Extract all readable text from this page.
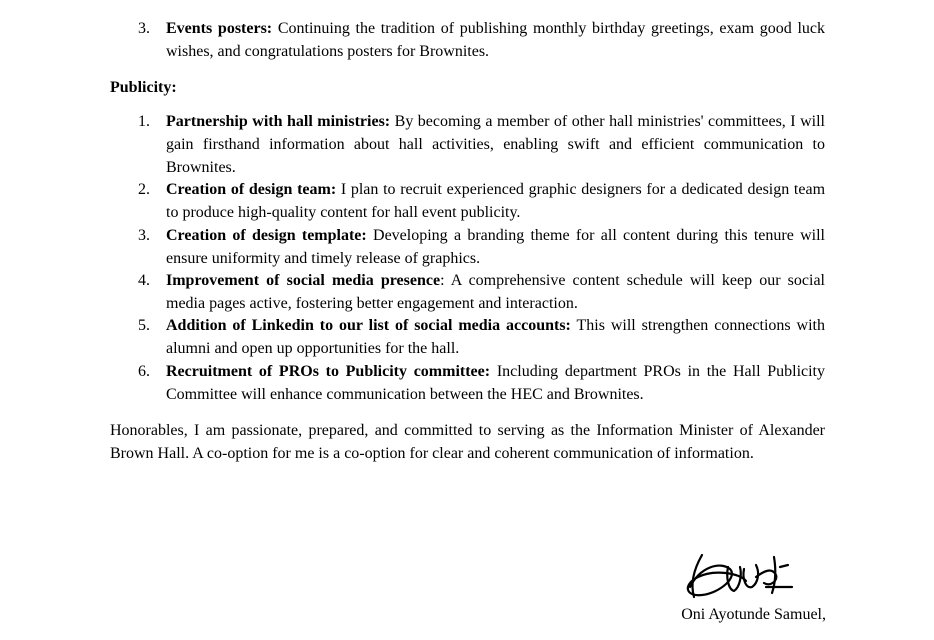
3. Events posters: Continuing the tradition of publishing monthly birthday greetings, exam good luck wishes, and congratulations posters for Brownites.
Publicity:
1. Partnership with hall ministries: By becoming a member of other hall ministries' committees, I will gain firsthand information about hall activities, enabling swift and efficient communication to Brownites.
2. Creation of design team: I plan to recruit experienced graphic designers for a dedicated design team to produce high-quality content for hall event publicity.
3. Creation of design template: Developing a branding theme for all content during this tenure will ensure uniformity and timely release of graphics.
4. Improvement of social media presence: A comprehensive content schedule will keep our social media pages active, fostering better engagement and interaction.
5. Addition of Linkedin to our list of social media accounts: This will strengthen connections with alumni and open up opportunities for the hall.
6. Recruitment of PROs to Publicity committee: Including department PROs in the Hall Publicity Committee will enhance communication between the HEC and Brownites.
Honorables, I am passionate, prepared, and committed to serving as the Information Minister of Alexander Brown Hall. A co-option for me is a co-option for clear and coherent communication of information.
Oni Ayotunde Samuel,
